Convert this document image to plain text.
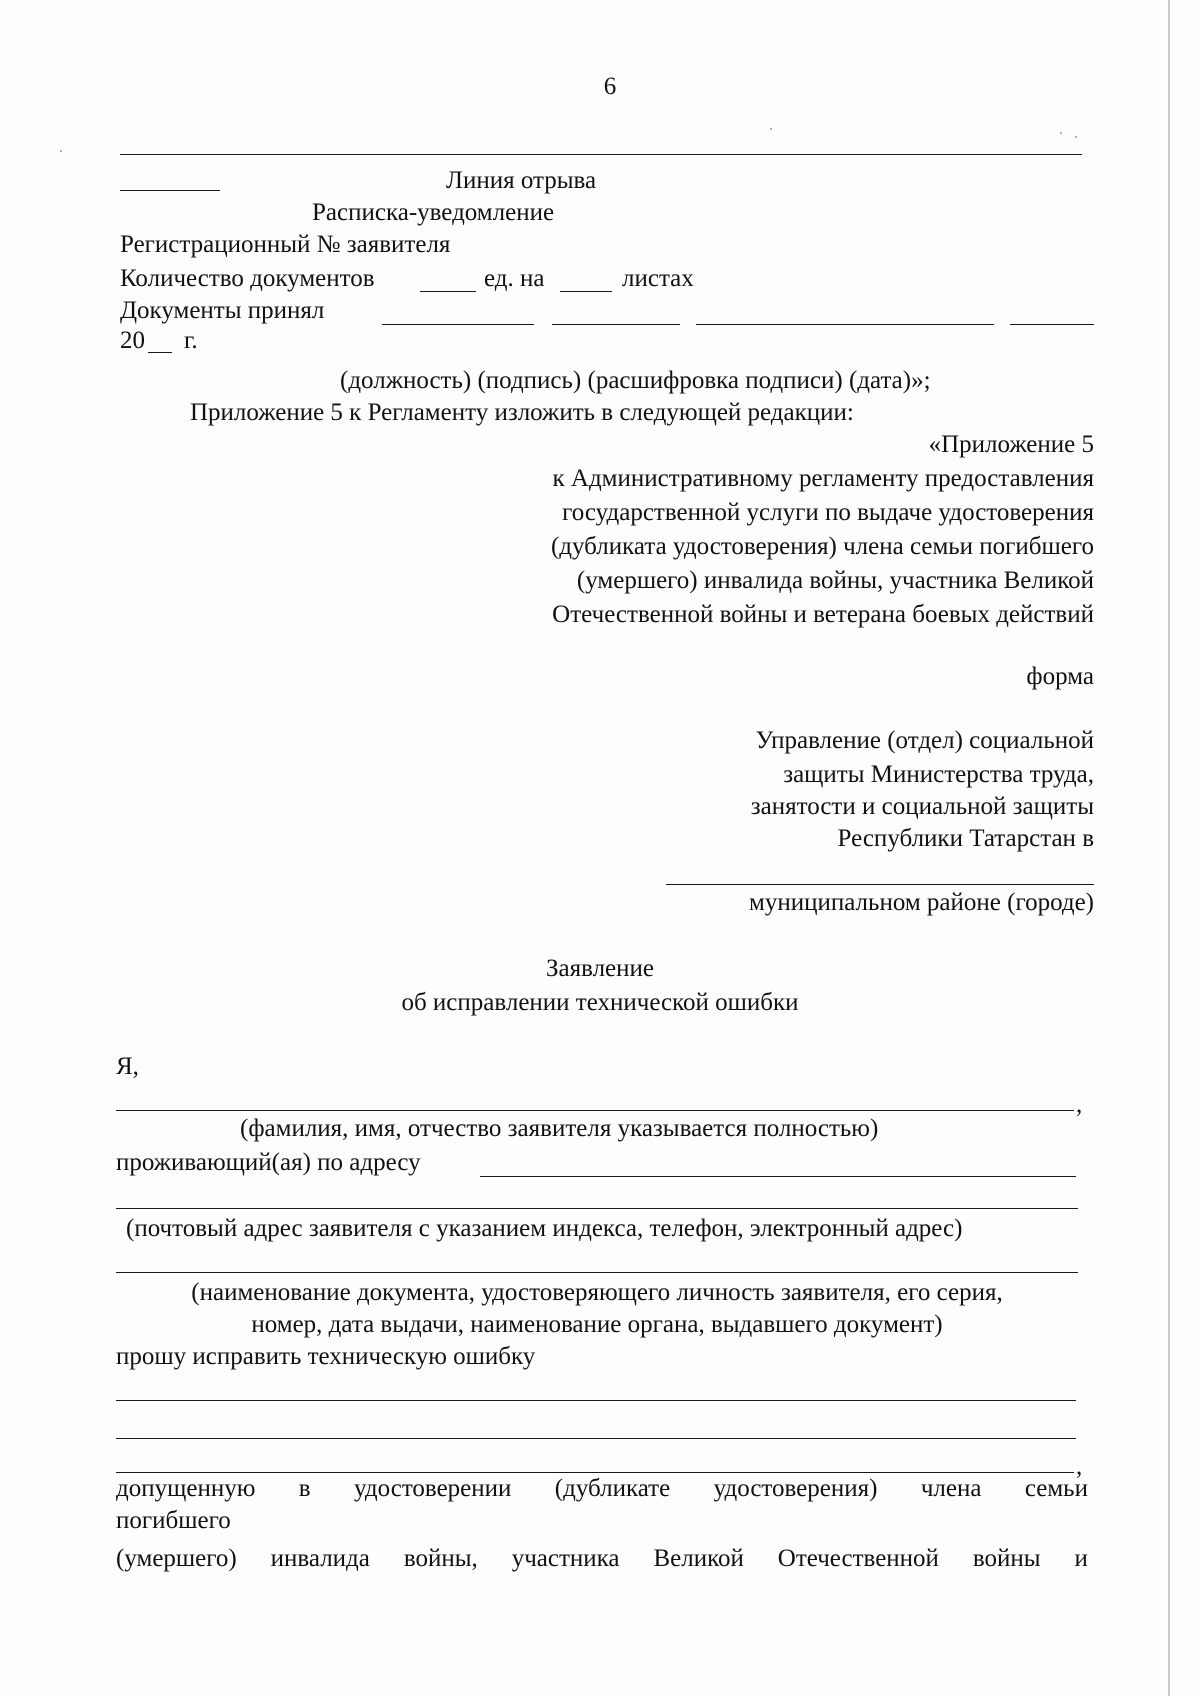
6
Линия отрыва
Расписка-уведомление
Регистрационный № заявителя
Количество документов	ед. на	листах
Документы принял
20 г.
(должность) (подпись) (расшифровка подписи) (дата)»;
Приложение 5 к Регламенту изложить в следующей редакции:
«Приложение 5
к Административному регламенту предоставления
государственной услуги по выдаче удостоверения
(дубликата удостоверения) члена семьи погибшего
(умершего) инвалида войны, участника Великой
Отечественной войны и ветерана боевых действий
форма
Управление (отдел) социальной
защиты Министерства труда,
занятости и социальной защиты
Республики Татарстан в
муниципальном районе (городе)
Заявление
об исправлении технической ошибки
Я,
,
(фамилия, имя, отчество заявителя указывается полностью)
проживающий(ая) по адресу
(почтовый адрес заявителя с указанием индекса, телефон, электронный адрес)
(наименование документа, удостоверяющего личность заявителя, его серия,
номер, дата выдачи, наименование органа, выдавшего документ)
прошу исправить техническую ошибку
,
допущенную в удостоверении (дубликате удостоверения) члена семьи
погибшего
(умершего) инвалида войны, участника Великой Отечественной войны и
